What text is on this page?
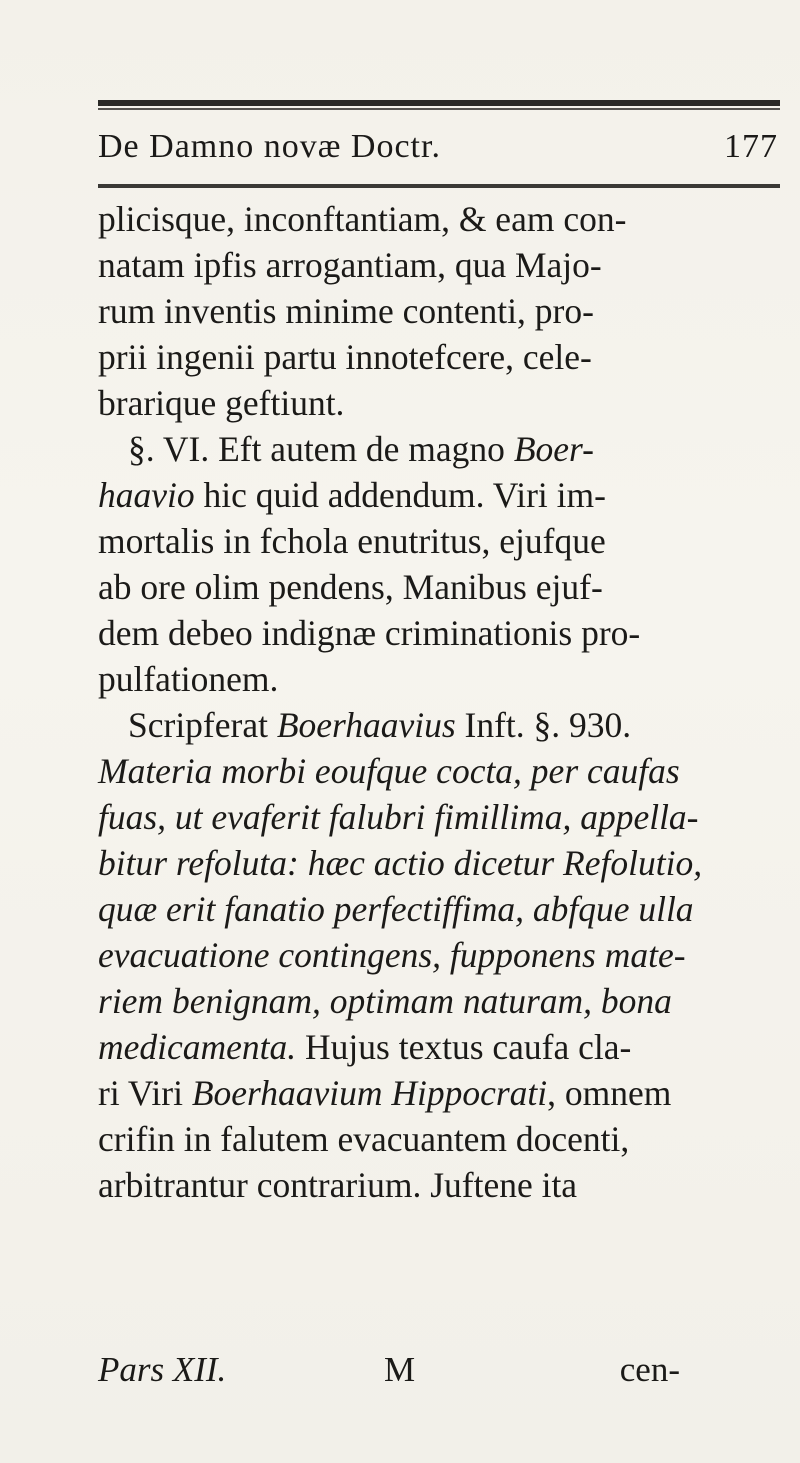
De Damno novæ Doctr.	177
plicisque, inconftantiam, & eam con-
natam ipfis arrogantiam, qua Majo-
rum inventis minime contenti, pro-
prii ingenii partu innotefcere, cele-
brarique geftiunt.
§. VI. Eft autem de magno Boer-
haavio hic quid addendum. Viri im-
mortalis in fchola enutritus, ejufque
ab ore olim pendens, Manibus ejuf-
dem debeo indignæ criminationis pro-
pulfationem.
Scripferat Boerhaavius Inft. §. 930.
Materia morbi eoufque cocta, per caufas
fuas, ut evaferit falubri fimillima, appella-
bitur refoluta: hæc actio dicetur Refolutio,
quæ erit fanatio perfectiffima, abfque ulla
evacuatione contingens, fupponens mate-
riem benignam, optimam naturam, bona
medicamenta. Hujus textus caufa cla-
ri Viri Boerhaavium Hippocrati, omnem
crifin in falutem evacuantem docenti,
arbitrantur contrarium. Juftene ita
Pars XII.	M	cen-
